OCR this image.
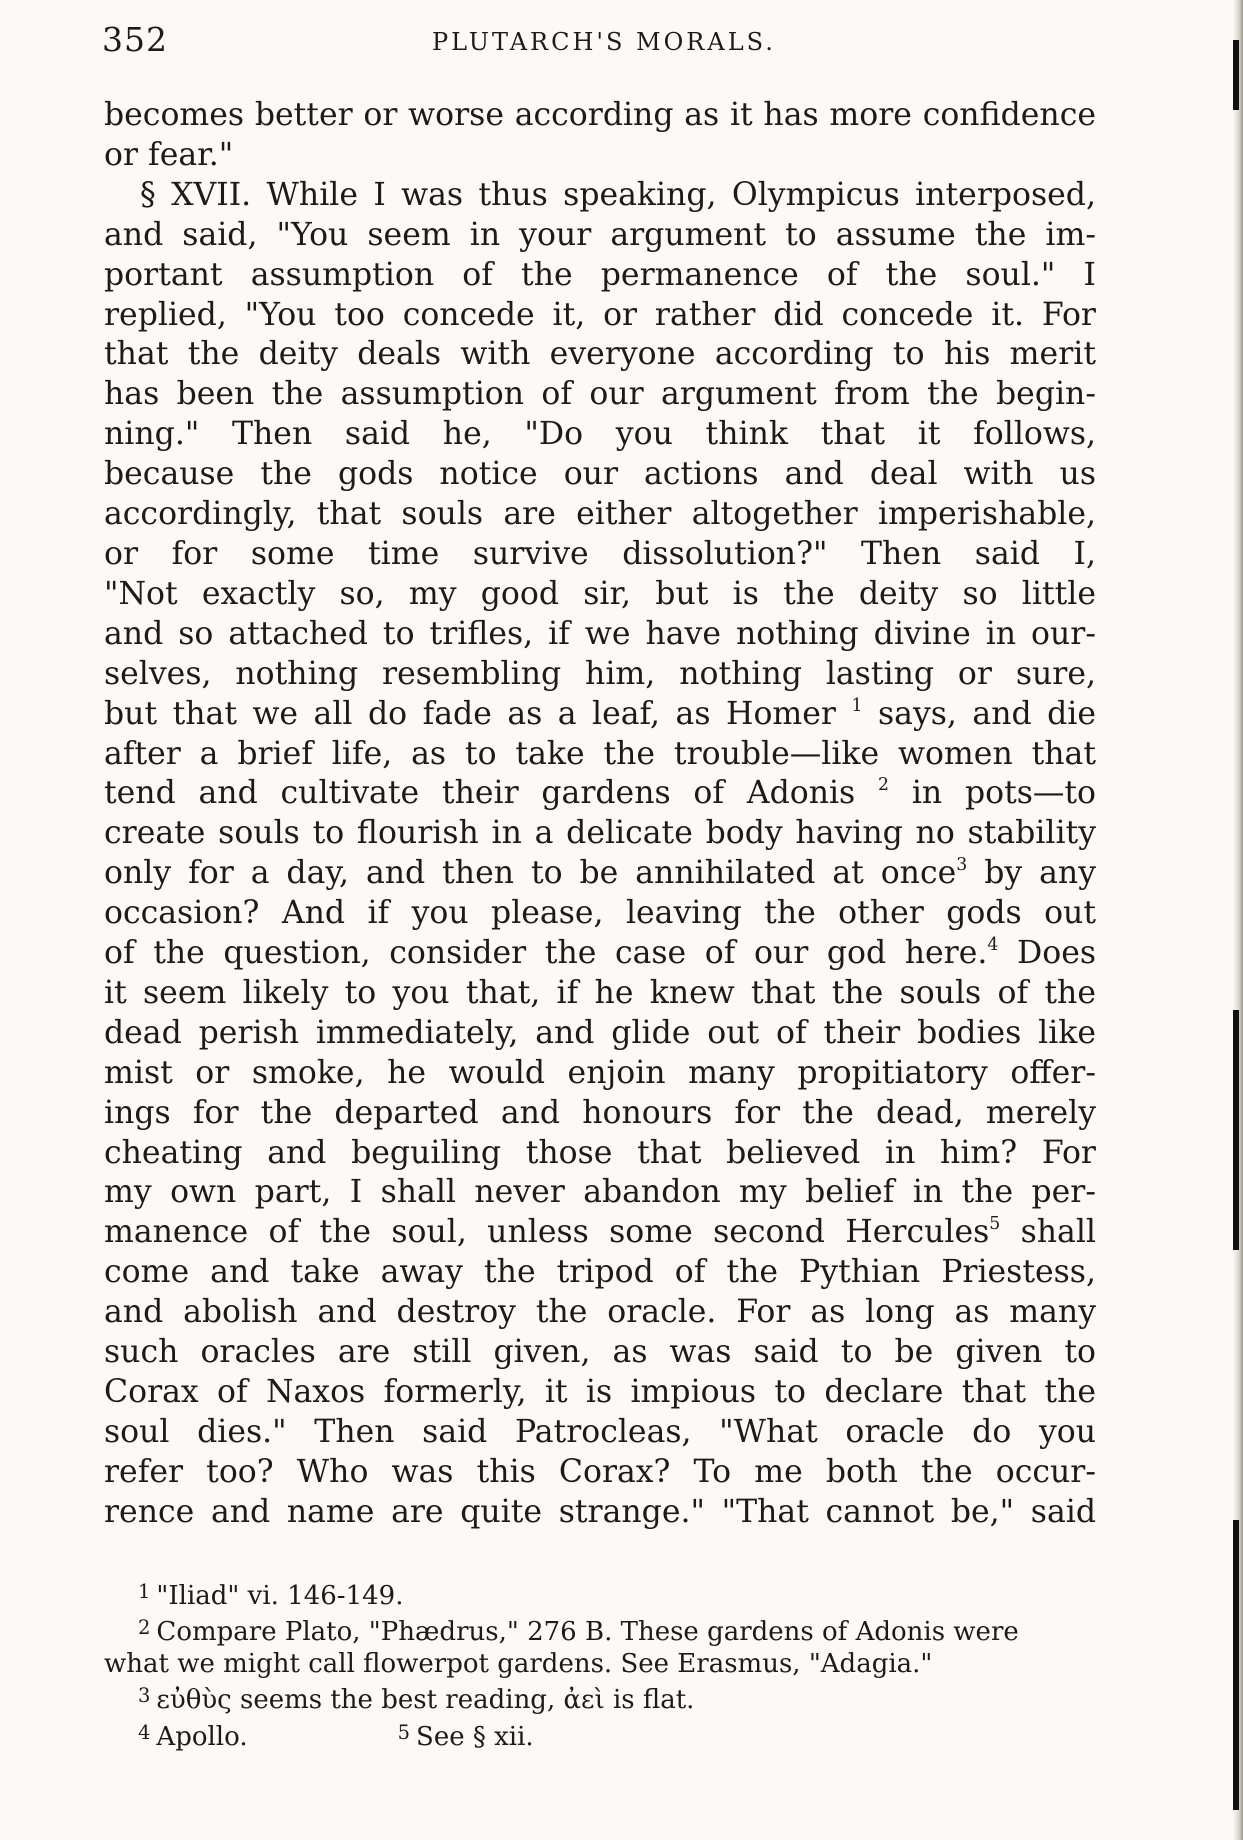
352	PLUTARCH'S MORALS.
becomes better or worse according as it has more confidence
or fear."
§ XVII. While I was thus speaking, Olympicus interposed,
and said, "You seem in your argument to assume the im-
portant assumption of the permanence of the soul." I
replied, "You too concede it, or rather did concede it. For
that the deity deals with everyone according to his merit
has been the assumption of our argument from the begin-
ning." Then said he, "Do you think that it follows,
because the gods notice our actions and deal with us
accordingly, that souls are either altogether imperishable,
or for some time survive dissolution?" Then said I,
"Not exactly so, my good sir, but is the deity so little
and so attached to trifles, if we have nothing divine in our-
selves, nothing resembling him, nothing lasting or sure,
but that we all do fade as a leaf, as Homer $^1$ says, and die
after a brief life, as to take the trouble—like women that
tend and cultivate their gardens of Adonis $^2$ in pots—to
create souls to flourish in a delicate body having no stability
only for a day, and then to be annihilated at once$^3$ by any
occasion? And if you please, leaving the other gods out
of the question, consider the case of our god here.$^4$ Does
it seem likely to you that, if he knew that the souls of the
dead perish immediately, and glide out of their bodies like
mist or smoke, he would enjoin many propitiatory offer-
ings for the departed and honours for the dead, merely
cheating and beguiling those that believed in him? For
my own part, I shall never abandon my belief in the per-
manence of the soul, unless some second Hercules$^5$ shall
come and take away the tripod of the Pythian Priestess,
and abolish and destroy the oracle. For as long as many
such oracles are still given, as was said to be given to
Corax of Naxos formerly, it is impious to declare that the
soul dies." Then said Patrocleas, "What oracle do you
refer too? Who was this Corax? To me both the occur-
rence and name are quite strange." "That cannot be," said
$^1$ "Iliad" vi. 146-149.
$^2$ Compare Plato, "Phædrus," 276 B. These gardens of Adonis were
what we might call flowerpot gardens. See Erasmus, "Adagia."
$^3$ εὐθὺς seems the best reading, ἀεὶ is flat.
$^4$ Apollo.	$^5$ See § xii.
